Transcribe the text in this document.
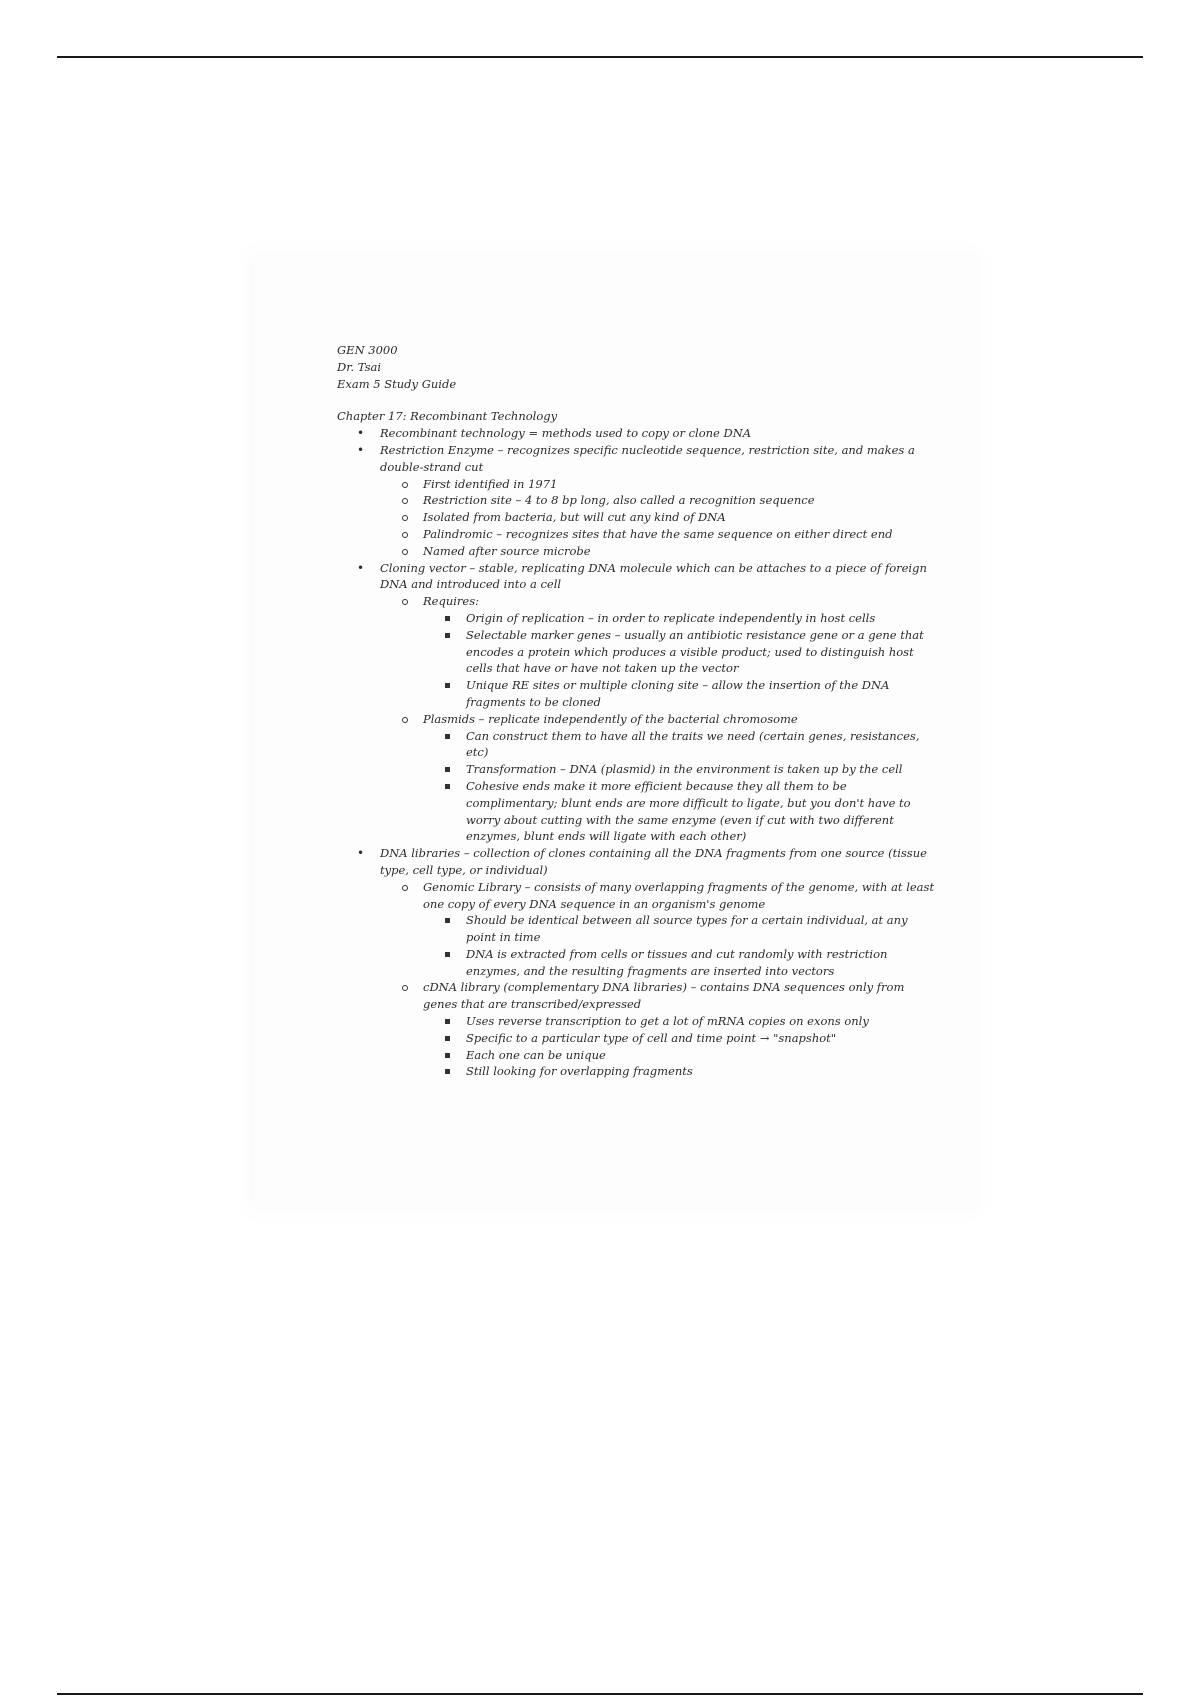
GEN 3000
Dr. Tsai
Exam 5 Study Guide
Chapter 17: Recombinant Technology
• Recombinant technology = methods used to copy or clone DNA
• Restriction Enzyme – recognizes specific nucleotide sequence, restriction site, and makes a double-strand cut
First identified in 1971
Restriction site – 4 to 8 bp long, also called a recognition sequence
Isolated from bacteria, but will cut any kind of DNA
Palindromic – recognizes sites that have the same sequence on either direct end
Named after source microbe
• Cloning vector – stable, replicating DNA molecule which can be attaches to a piece of foreign DNA and introduced into a cell
Requires:
Origin of replication – in order to replicate independently in host cells
Selectable marker genes – usually an antibiotic resistance gene or a gene that encodes a protein which produces a visible product; used to distinguish host cells that have or have not taken up the vector
Unique RE sites or multiple cloning site – allow the insertion of the DNA fragments to be cloned
Plasmids – replicate independently of the bacterial chromosome
Can construct them to have all the traits we need (certain genes, resistances, etc)
Transformation – DNA (plasmid) in the environment is taken up by the cell
Cohesive ends make it more efficient because they all them to be complimentary; blunt ends are more difficult to ligate, but you don't have to worry about cutting with the same enzyme (even if cut with two different enzymes, blunt ends will ligate with each other)
• DNA libraries – collection of clones containing all the DNA fragments from one source (tissue type, cell type, or individual)
Genomic Library – consists of many overlapping fragments of the genome, with at least one copy of every DNA sequence in an organism's genome
Should be identical between all source types for a certain individual, at any point in time
DNA is extracted from cells or tissues and cut randomly with restriction enzymes, and the resulting fragments are inserted into vectors
cDNA library (complementary DNA libraries) – contains DNA sequences only from genes that are transcribed/expressed
Uses reverse transcription to get a lot of mRNA copies on exons only
Specific to a particular type of cell and time point → "snapshot"
Each one can be unique
Still looking for overlapping fragments
